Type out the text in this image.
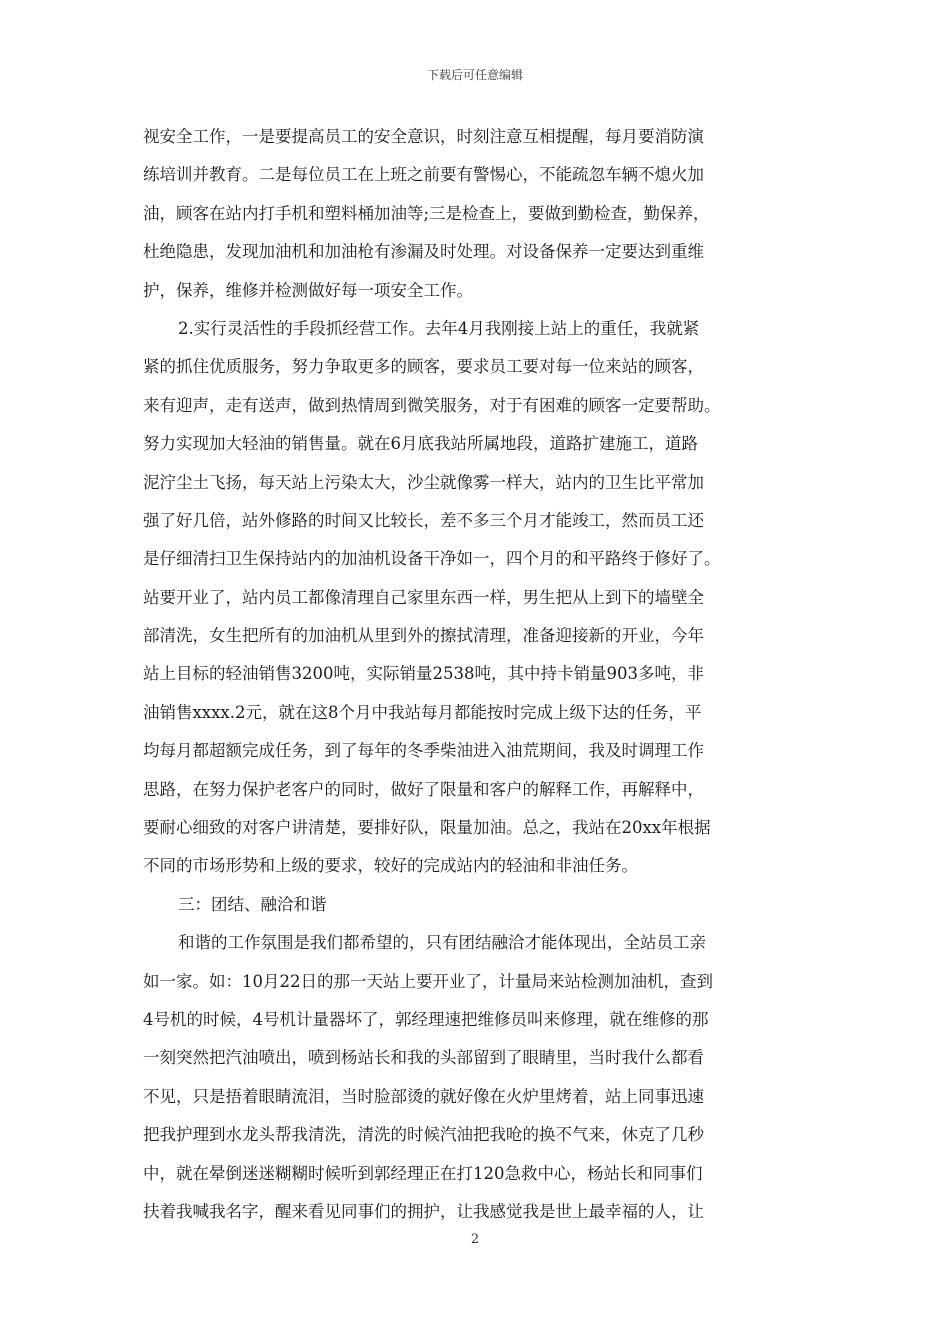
下载后可任意编辑
视安全工作，一是要提高员工的安全意识，时刻注意互相提醒，每月要消防演
练培训并教育。二是每位员工在上班之前要有警惕心，不能疏忽车辆不熄火加
油，顾客在站内打手机和塑料桶加油等;三是检查上，要做到勤检查，勤保养，
杜绝隐患，发现加油机和加油枪有渗漏及时处理。对设备保养一定要达到重维
护，保养，维修并检测做好每一项安全工作。
2.实行灵活性的手段抓经营工作。去年4月我刚接上站上的重任，我就紧
紧的抓住优质服务，努力争取更多的顾客，要求员工要对每一位来站的顾客，
来有迎声，走有送声，做到热情周到微笑服务，对于有困难的顾客一定要帮助。
努力实现加大轻油的销售量。就在6月底我站所属地段，道路扩建施工，道路
泥泞尘土飞扬，每天站上污染太大，沙尘就像雾一样大，站内的卫生比平常加
强了好几倍，站外修路的时间又比较长，差不多三个月才能竣工，然而员工还
是仔细清扫卫生保持站内的加油机设备干净如一，四个月的和平路终于修好了。
站要开业了，站内员工都像清理自己家里东西一样，男生把从上到下的墙壁全
部清洗，女生把所有的加油机从里到外的擦拭清理，准备迎接新的开业，今年
站上目标的轻油销售3200吨，实际销量2538吨，其中持卡销量903多吨，非
油销售xxxx.2元，就在这8个月中我站每月都能按时完成上级下达的任务，平
均每月都超额完成任务，到了每年的冬季柴油进入油荒期间，我及时调理工作
思路，在努力保护老客户的同时，做好了限量和客户的解释工作，再解释中，
要耐心细致的对客户讲清楚，要排好队，限量加油。总之，我站在20xx年根据
不同的市场形势和上级的要求，较好的完成站内的轻油和非油任务。
三：团结、融洽和谐
和谐的工作氛围是我们都希望的，只有团结融洽才能体现出，全站员工亲
如一家。如：10月22日的那一天站上要开业了，计量局来站检测加油机，查到
4号机的时候，4号机计量器坏了，郭经理速把维修员叫来修理，就在维修的那
一刻突然把汽油喷出，喷到杨站长和我的头部留到了眼睛里，当时我什么都看
不见，只是捂着眼睛流泪，当时脸部烫的就好像在火炉里烤着，站上同事迅速
把我护理到水龙头帮我清洗，清洗的时候汽油把我呛的换不气来，休克了几秒
中，就在晕倒迷迷糊糊时候听到郭经理正在打120急救中心，杨站长和同事们
扶着我喊我名字，醒来看见同事们的拥护，让我感觉我是世上最幸福的人，让
2
